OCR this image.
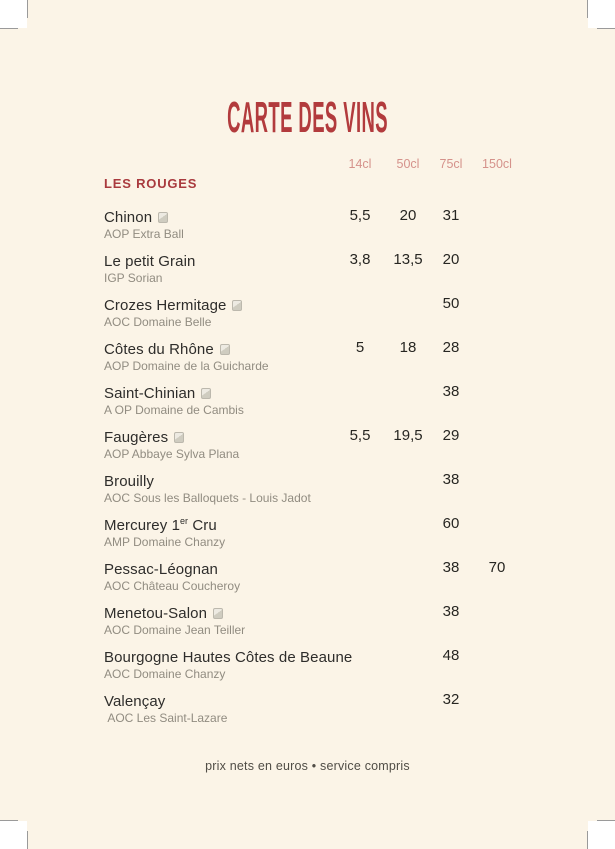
CARTE DES VINS
14cl 50cl 75cl 150cl
LES ROUGES
Chinon
AOP Extra Ball
5,5 20 31
Le petit Grain
IGP Sorian
3,8 13,5 20
Crozes Hermitage
AOC Domaine Belle
50
Côtes du Rhône
AOP Domaine de la Guicharde
5 18 28
Saint-Chinian
A OP Domaine de Cambis
38
Faugères
AOP Abbaye Sylva Plana
5,5 19,5 29
Brouilly
AOC Sous les Balloquets - Louis Jadot
38
Mercurey 1er Cru
AMP Domaine Chanzy
60
Pessac-Léognan
AOC Château Coucheroy
38 70
Menetou-Salon
AOC Domaine Jean Teiller
38
Bourgogne Hautes Côtes de Beaune
AOC Domaine Chanzy
48
Valençay
AOC Les Saint-Lazare
32
prix nets en euros • service compris
